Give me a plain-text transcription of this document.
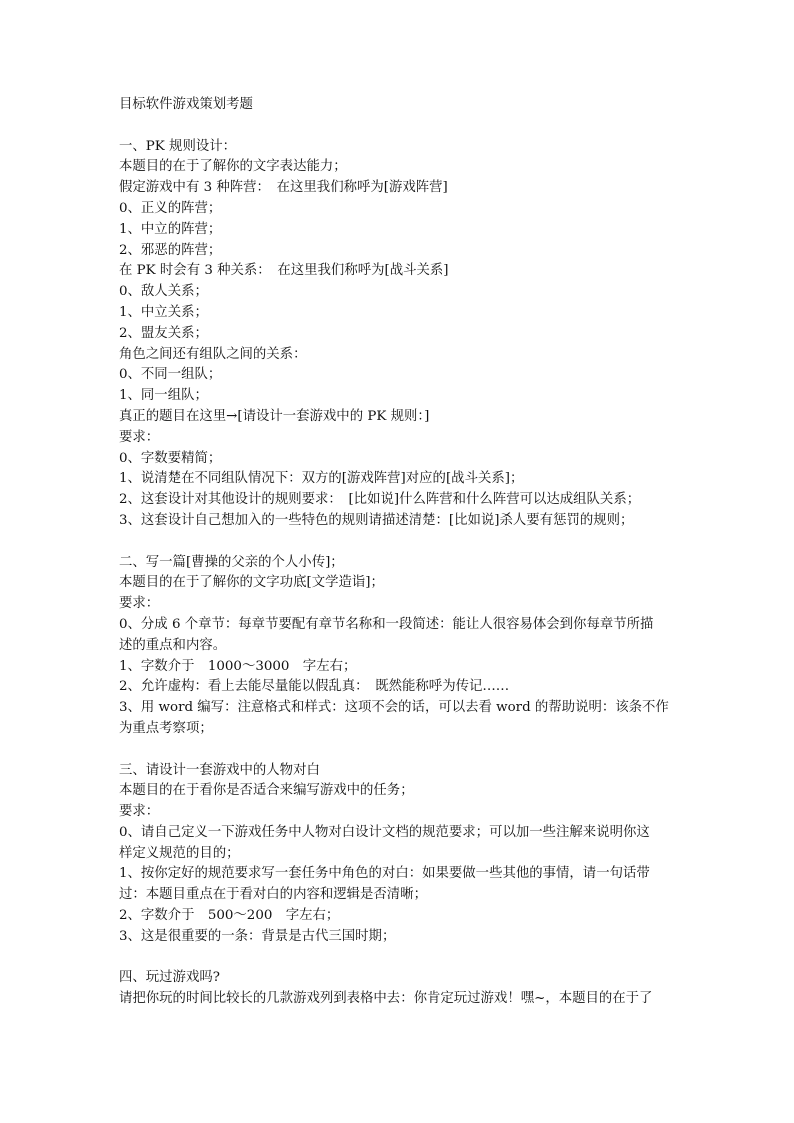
目标软件游戏策划考题
一、PK 规则设计：
本题目的在于了解你的文字表达能力；
假定游戏中有 3 种阵营：　在这里我们称呼为[游戏阵营]
0、正义的阵营；
1、中立的阵营；
2、邪恶的阵营；
在 PK 时会有 3 种关系：　在这里我们称呼为[战斗关系]
0、敌人关系；
1、中立关系；
2、盟友关系；
角色之间还有组队之间的关系：
0、不同一组队；
1、同一组队；
真正的题目在这里→[请设计一套游戏中的 PK 规则：]
要求：
0、字数要精简；
1、说清楚在不同组队情况下：双方的[游戏阵营]对应的[战斗关系]；
2、这套设计对其他设计的规则要求：　[比如说]什么阵营和什么阵营可以达成组队关系；
3、这套设计自己想加入的一些特色的规则请描述清楚：[比如说]杀人要有惩罚的规则；
二、写一篇[曹操的父亲的个人小传]；
本题目的在于了解你的文字功底[文学造诣]；
要求：
0、分成 6 个章节：每章节要配有章节名称和一段简述：能让人很容易体会到你每章节所描
述的重点和内容。
1、字数介于　1000～3000　字左右；
2、允许虚构：看上去能尽量能以假乱真：　既然能称呼为传记……
3、用 word 编写：注意格式和样式：这项不会的话，可以去看 word 的帮助说明：该条不作
为重点考察项；
三、请设计一套游戏中的人物对白
本题目的在于看你是否适合来编写游戏中的任务；
要求：
0、请自己定义一下游戏任务中人物对白设计文档的规范要求；可以加一些注解来说明你这
样定义规范的目的；
1、按你定好的规范要求写一套任务中角色的对白：如果要做一些其他的事情，请一句话带
过：本题目重点在于看对白的内容和逻辑是否清晰；
2、字数介于　500～200　字左右；
3、这是很重要的一条：背景是古代三国时期；
四、玩过游戏吗?
请把你玩的时间比较长的几款游戏列到表格中去：你肯定玩过游戏！嘿~，本题目的在于了
